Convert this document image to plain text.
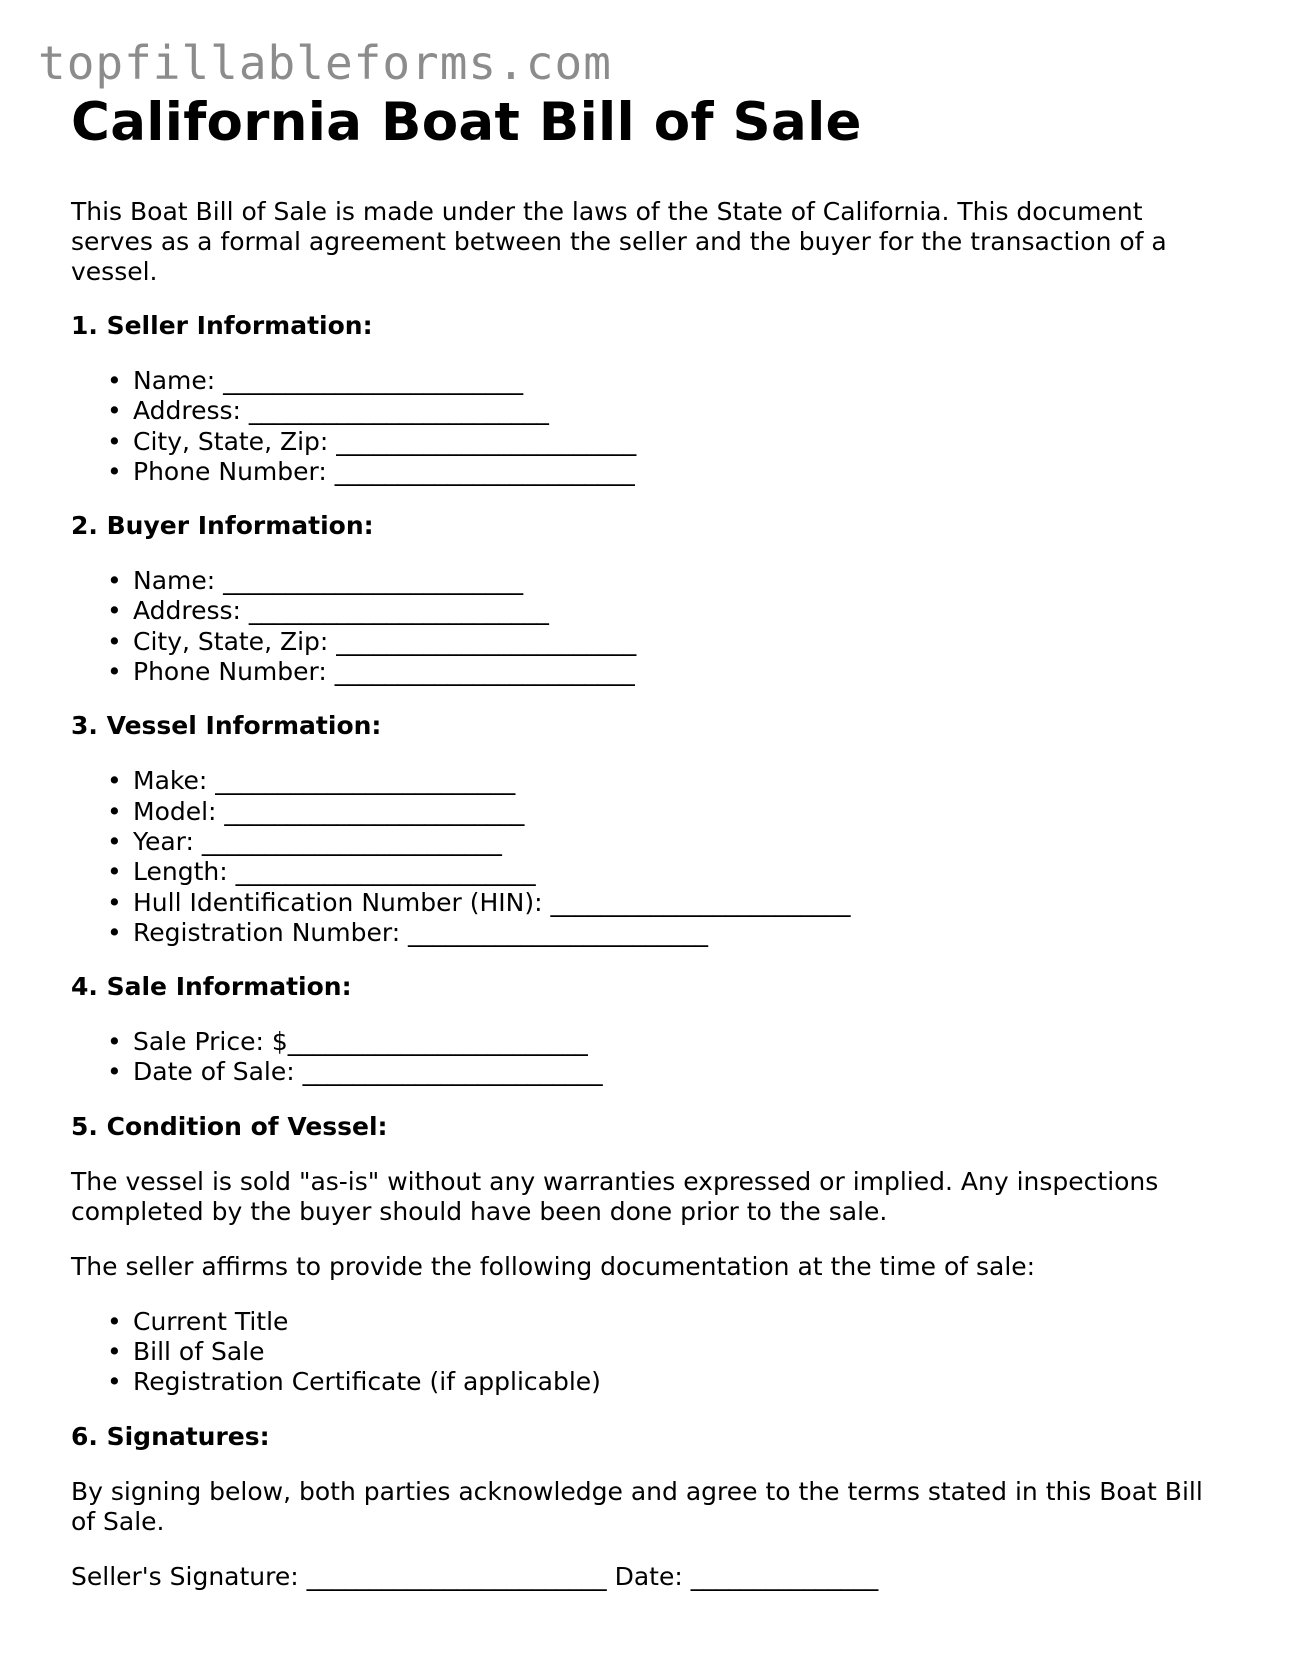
topfillableforms.com
California Boat Bill of Sale

This Boat Bill of Sale is made under the laws of the State of California. This document serves as a formal agreement between the seller and the buyer for the transaction of a vessel.

1. Seller Information:
• Name: ________________________
• Address: ________________________
• City, State, Zip: ________________________
• Phone Number: ________________________
2. Buyer Information:
• Name: ________________________
• Address: ________________________
• City, State, Zip: ________________________
• Phone Number: ________________________
3. Vessel Information:
• Make: ________________________
• Model: ________________________
• Year: ________________________
• Length: ________________________
• Hull Identification Number (HIN): ________________________
• Registration Number: ________________________
4. Sale Information:
• Sale Price: $________________________
• Date of Sale: ________________________
5. Condition of Vessel:

The vessel is sold "as-is" without any warranties expressed or implied. Any inspections completed by the buyer should have been done prior to the sale.

The seller affirms to provide the following documentation at the time of sale:

• Current Title
• Bill of Sale
• Registration Certificate (if applicable)
6. Signatures:

By signing below, both parties acknowledge and agree to the terms stated in this Boat Bill of Sale.

Seller's Signature: ________________________ Date: _______________
